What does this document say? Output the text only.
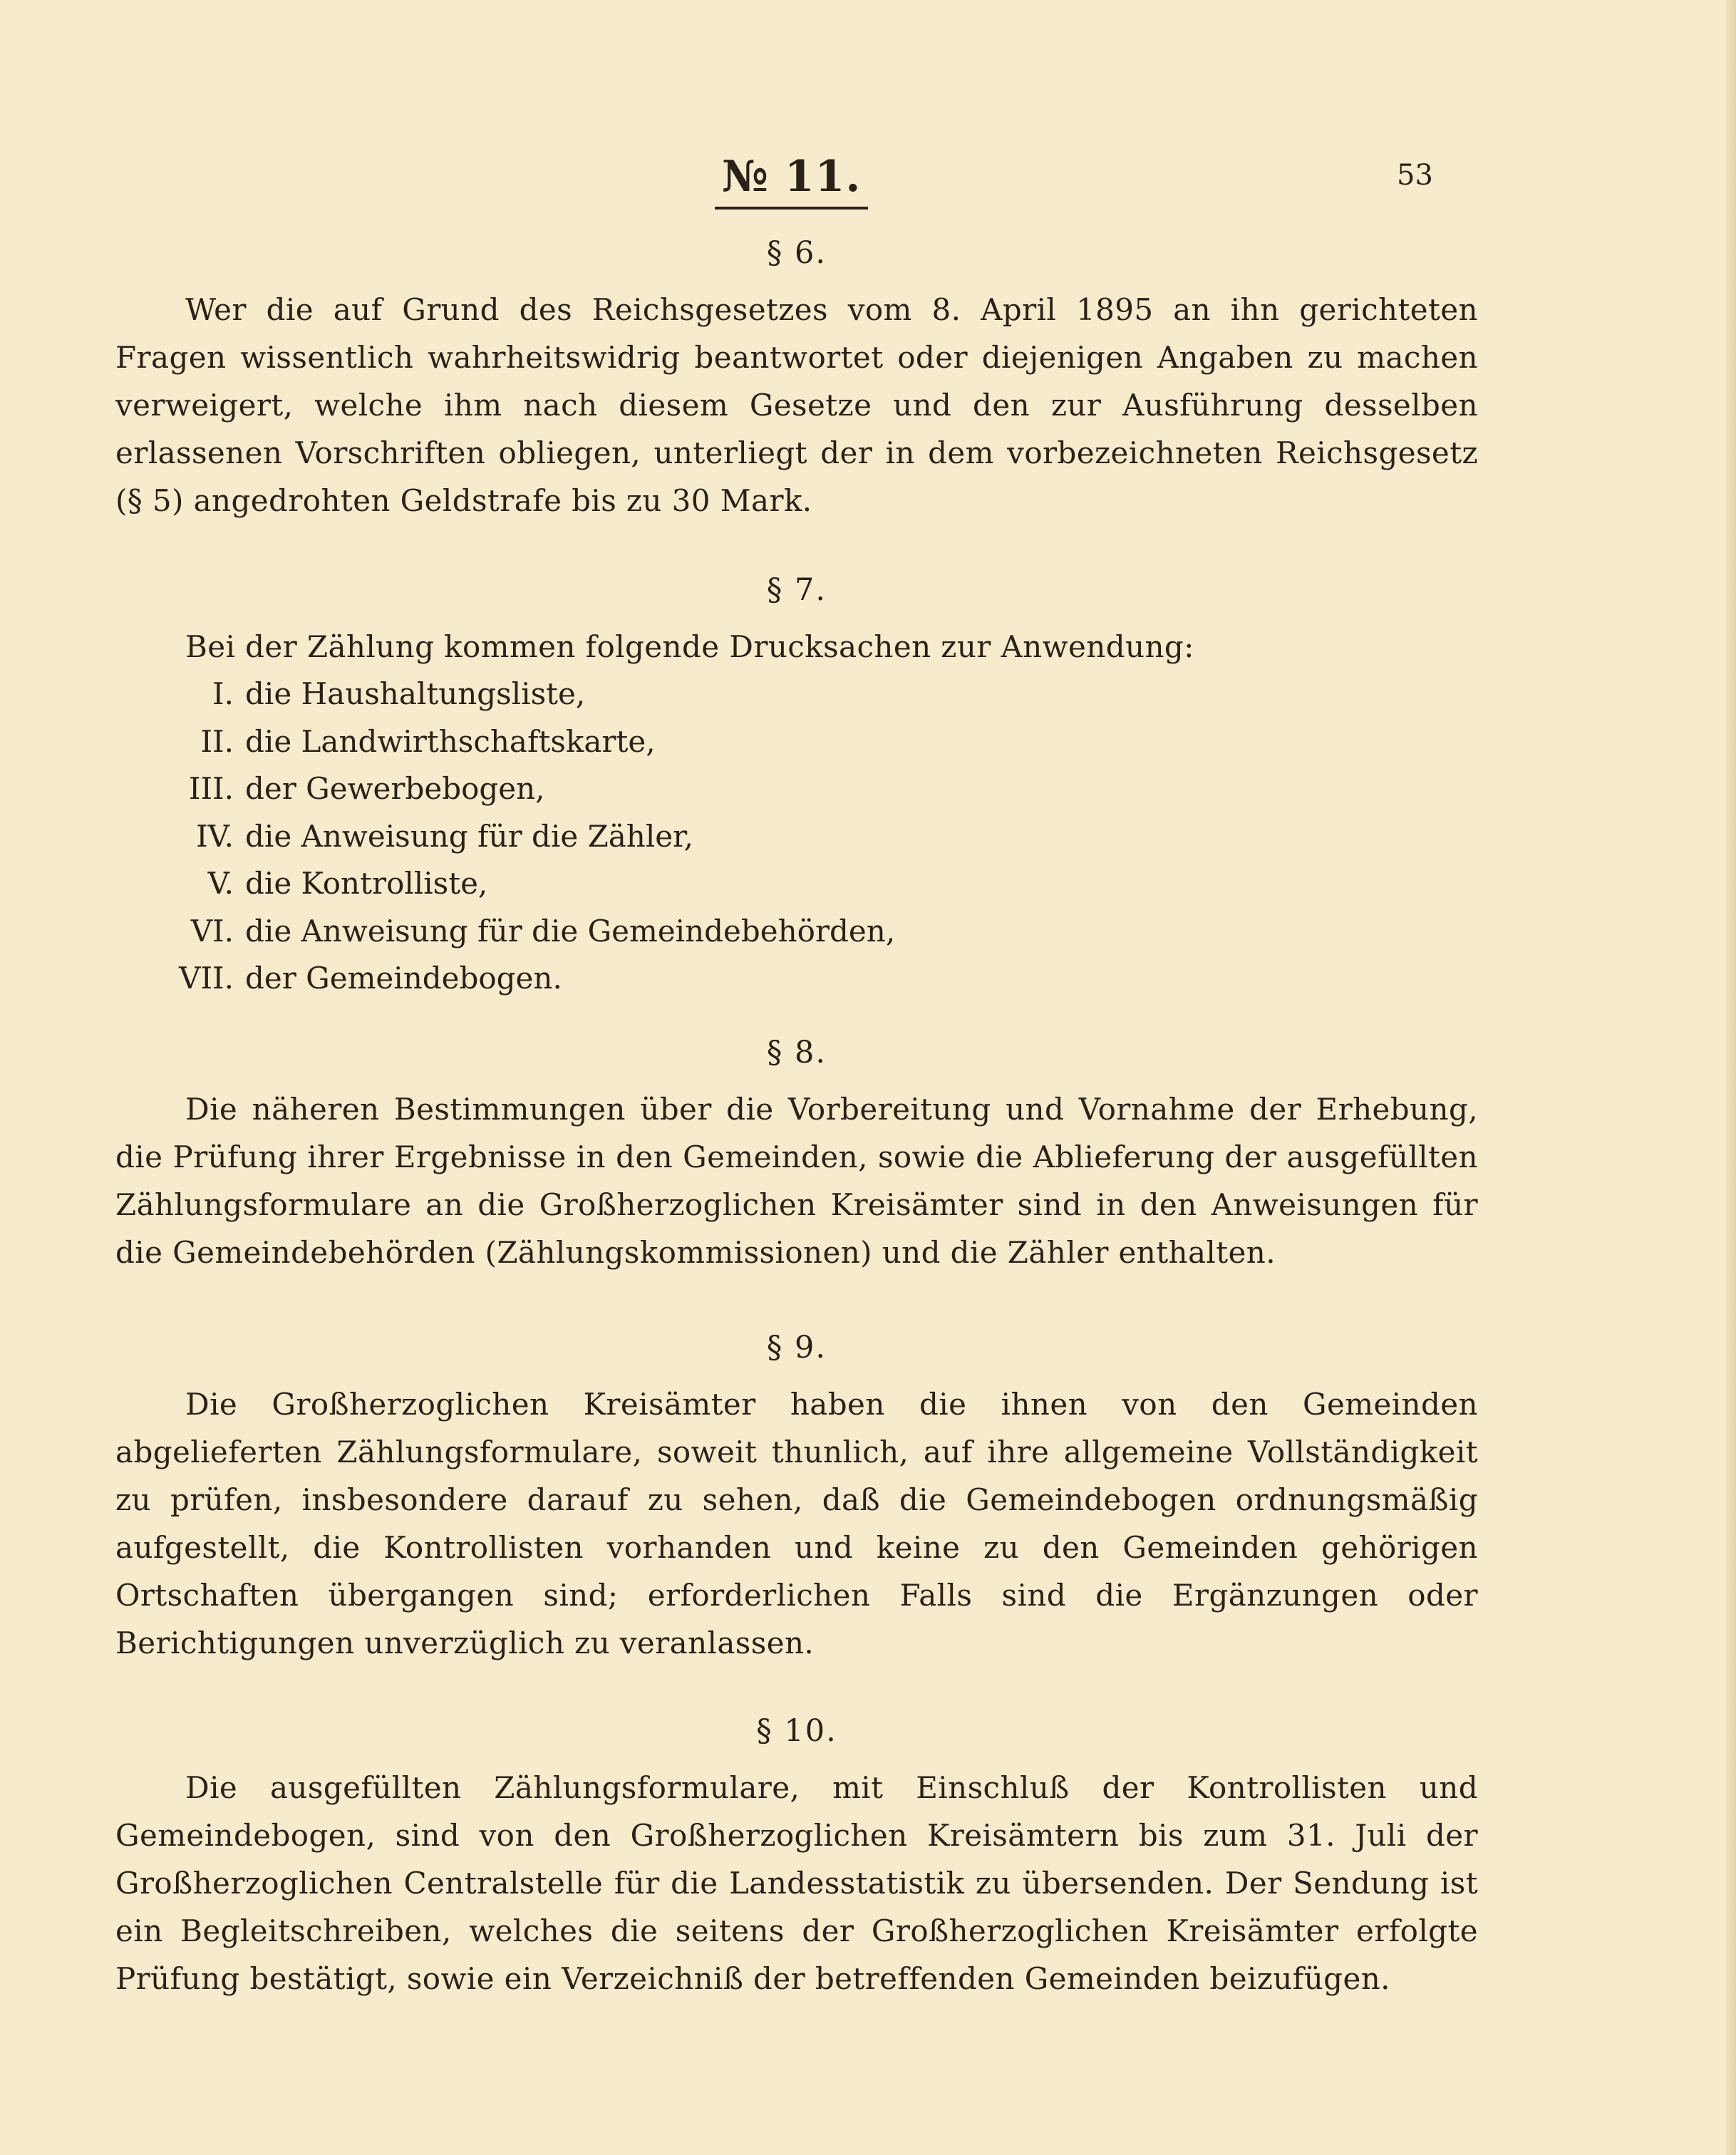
№ 11.	53
§ 6.

Wer die auf Grund des Reichsgesetzes vom 8. April 1895 an ihn gerichteten Fragen wissentlich wahrheitswidrig beantwortet oder diejenigen Angaben zu machen verweigert, welche ihm nach diesem Gesetze und den zur Ausführung desselben erlassenen Vorschriften obliegen, unterliegt der in dem vorbezeichneten Reichsgesetz (§ 5) angedrohten Geldstrafe bis zu 30 Mark.

§ 7.

Bei der Zählung kommen folgende Drucksachen zur Anwendung:

I. die Haushaltungsliste,
II. die Landwirthschaftskarte,
III. der Gewerbebogen,
IV. die Anweisung für die Zähler,
V. die Kontrolliste,
VI. die Anweisung für die Gemeindebehörden,
VII. der Gemeindebogen.
§ 8.

Die näheren Bestimmungen über die Vorbereitung und Vornahme der Erhebung, die Prüfung ihrer Ergebnisse in den Gemeinden, sowie die Ablieferung der ausgefüllten Zählungsformulare an die Großherzoglichen Kreisämter sind in den Anweisungen für die Gemeindebehörden (Zählungskommissionen) und die Zähler enthalten.

§ 9.

Die Großherzoglichen Kreisämter haben die ihnen von den Gemeinden abgelieferten Zählungsformulare, soweit thunlich, auf ihre allgemeine Vollständigkeit zu prüfen, insbesondere darauf zu sehen, daß die Gemeindebogen ordnungsmäßig aufgestellt, die Kontrollisten vorhanden und keine zu den Gemeinden gehörigen Ortschaften übergangen sind; erforderlichen Falls sind die Ergänzungen oder Berichtigungen unverzüglich zu veranlassen.

§ 10.

Die ausgefüllten Zählungsformulare, mit Einschluß der Kontrollisten und Gemeindebogen, sind von den Großherzoglichen Kreisämtern bis zum 31. Juli der Großherzoglichen Centralstelle für die Landesstatistik zu übersenden. Der Sendung ist ein Begleitschreiben, welches die seitens der Großherzoglichen Kreisämter erfolgte Prüfung bestätigt, sowie ein Verzeichniß der betreffenden Gemeinden beizufügen.
